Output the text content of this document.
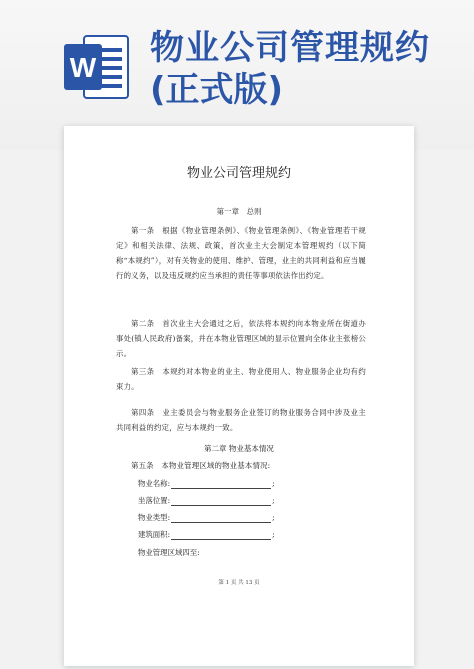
W 物业公司管理规约
(正式版)
物业公司管理规约
第一章　总则
第一条　根据《物业管理条例》、《物业管理条例》、《物业管理若干规定》和相关法律、法规、政策，首次业主大会制定本管理规约（以下简称“本规约”），对有关物业的使用、维护、管理，业主的共同利益和应当履行的义务，以及违反规约应当承担的责任等事项依法作出约定。
第二条　首次业主大会通过之后，依法将本规约向本物业所在街道办事处(镇人民政府)备案，并在本物业管理区域的显示位置向全体业主张榜公示。
第三条　本规约对本物业的业主、物业使用人、物业服务企业均有约束力。
第四条　业主委员会与物业服务企业签订的物业服务合同中涉及业主共同利益的约定，应与本规约一致。
第二章 物业基本情况
第五条　本物业管理区域的物业基本情况:
物业名称:	;
坐落位置:	;
物业类型:	;
建筑面积:	;
物业管理区域四至:
第 1 页 共 13 页
